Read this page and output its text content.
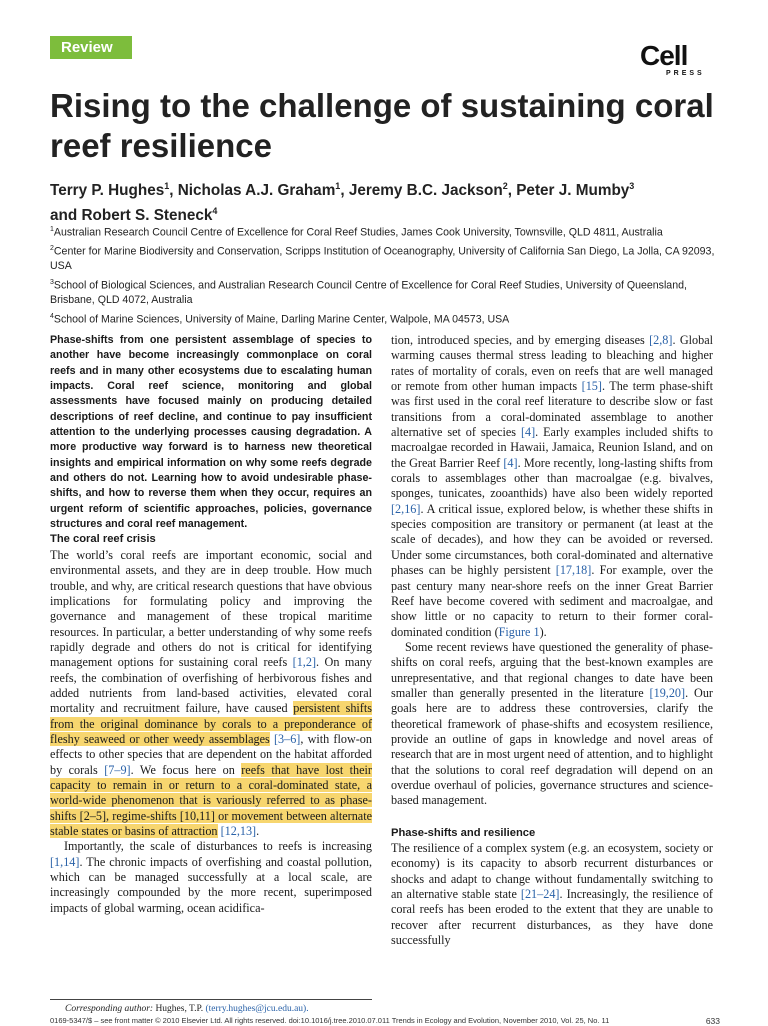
Review	Cell
PRESS
Rising to the challenge of sustaining coral reef resilience
Terry P. Hughes$^1$, Nicholas A.J. Graham$^1$, Jeremy B.C. Jackson$^2$, Peter J. Mumby$^3$
and Robert S. Steneck$^4$
$^1$Australian Research Council Centre of Excellence for Coral Reef Studies, James Cook University, Townsville, QLD 4811, Australia
$^2$Center for Marine Biodiversity and Conservation, Scripps Institution of Oceanography, University of California San Diego, La Jolla, CA 92093, USA
$^3$School of Biological Sciences, and Australian Research Council Centre of Excellence for Coral Reef Studies, University of Queensland, Brisbane, QLD 4072, Australia
$^4$School of Marine Sciences, University of Maine, Darling Marine Center, Walpole, MA 04573, USA

Phase-shifts from one persistent assemblage of species to another have become increasingly commonplace on coral reefs and in many other ecosystems due to escalating human impacts. Coral reef science, monitoring and global assessments have focused mainly on producing detailed descriptions of reef decline, and continue to pay insufficient attention to the underlying processes causing degradation. A more productive way forward is to harness new theoretical insights and empirical information on why some reefs degrade and others do not. Learning how to avoid undesirable phase-shifts, and how to reverse them when they occur, requires an urgent reform of scientific approaches, policies, governance structures and coral reef management.

The coral reef crisis

The world’s coral reefs are important economic, social and environmental assets, and they are in deep trouble. How much trouble, and why, are critical research questions that have obvious implications for formulating policy and improving the governance and management of these tropical maritime resources. In particular, a better understanding of why some reefs rapidly degrade and others do not is critical for identifying management options for sustaining coral reefs [1,2]. On many reefs, the combination of overfishing of herbivorous fishes and added nutrients from land-based activities, elevated coral mortality and recruitment failure, have caused persistent shifts from the original dominance by corals to a preponderance of fleshy seaweed or other weedy assemblages [3–6], with flow-on effects to other species that are dependent on the habitat afforded by corals [7–9]. We focus here on reefs that have lost their capacity to remain in or return to a coral-dominated state, a world-wide phenomenon that is variously referred to as phase-shifts [2–5], regime-shifts [10,11] or movement between alternate stable states or basins of attraction [12,13].

Importantly, the scale of disturbances to reefs is increasing [1,14]. The chronic impacts of overfishing and coastal pollution, which can be managed successfully at a local scale, are increasingly compounded by the more recent, superimposed impacts of global warming, ocean acidifica-

tion, introduced species, and by emerging diseases [2,8]. Global warming causes thermal stress leading to bleaching and higher rates of mortality of corals, even on reefs that are well managed or remote from other human impacts [15]. The term phase-shift was first used in the coral reef literature to describe slow or fast transitions from a coral-dominated assemblage to another alternative set of species [4]. Early examples included shifts to macroalgae recorded in Hawaii, Jamaica, Reunion Island, and on the Great Barrier Reef [4]. More recently, long-lasting shifts from corals to assemblages other than macroalgae (e.g. bivalves, sponges, tunicates, zooanthids) have also been widely reported [2,16]. A critical issue, explored below, is whether these shifts in species composition are transitory or permanent (at least at the scale of decades), and how they can be avoided or reversed. Under some circumstances, both coral-dominated and alternative phases can be highly persistent [17,18]. For example, over the past century many near-shore reefs on the inner Great Barrier Reef have become covered with sediment and macroalgae, and show little or no capacity to return to their former coral-dominated condition (Figure 1).

Some recent reviews have questioned the generality of phase-shifts on coral reefs, arguing that the best-known examples are unrepresentative, and that regional changes to date have been smaller than generally presented in the literature [19,20]. Our goals here are to address these controversies, clarify the theoretical framework of phase-shifts and ecosystem resilience, provide an outline of gaps in knowledge and novel areas of research that are in most urgent need of attention, and to highlight that the solutions to coral reef degradation will depend on an overdue overhaul of policies, governance structures and science-based management.

Phase-shifts and resilience

The resilience of a complex system (e.g. an ecosystem, society or economy) is its capacity to absorb recurrent disturbances or shocks and adapt to change without fundamentally switching to an alternative stable state [21–24]. Increasingly, the resilience of coral reefs has been eroded to the extent that they are unable to recover after recurrent disturbances, as they have done successfully

Corresponding author: Hughes, T.P. (terry.hughes@jcu.edu.au).
0169-5347/$ – see front matter © 2010 Elsevier Ltd. All rights reserved. doi:10.1016/j.tree.2010.07.011 Trends in Ecology and Evolution, November 2010, Vol. 25, No. 11	633
